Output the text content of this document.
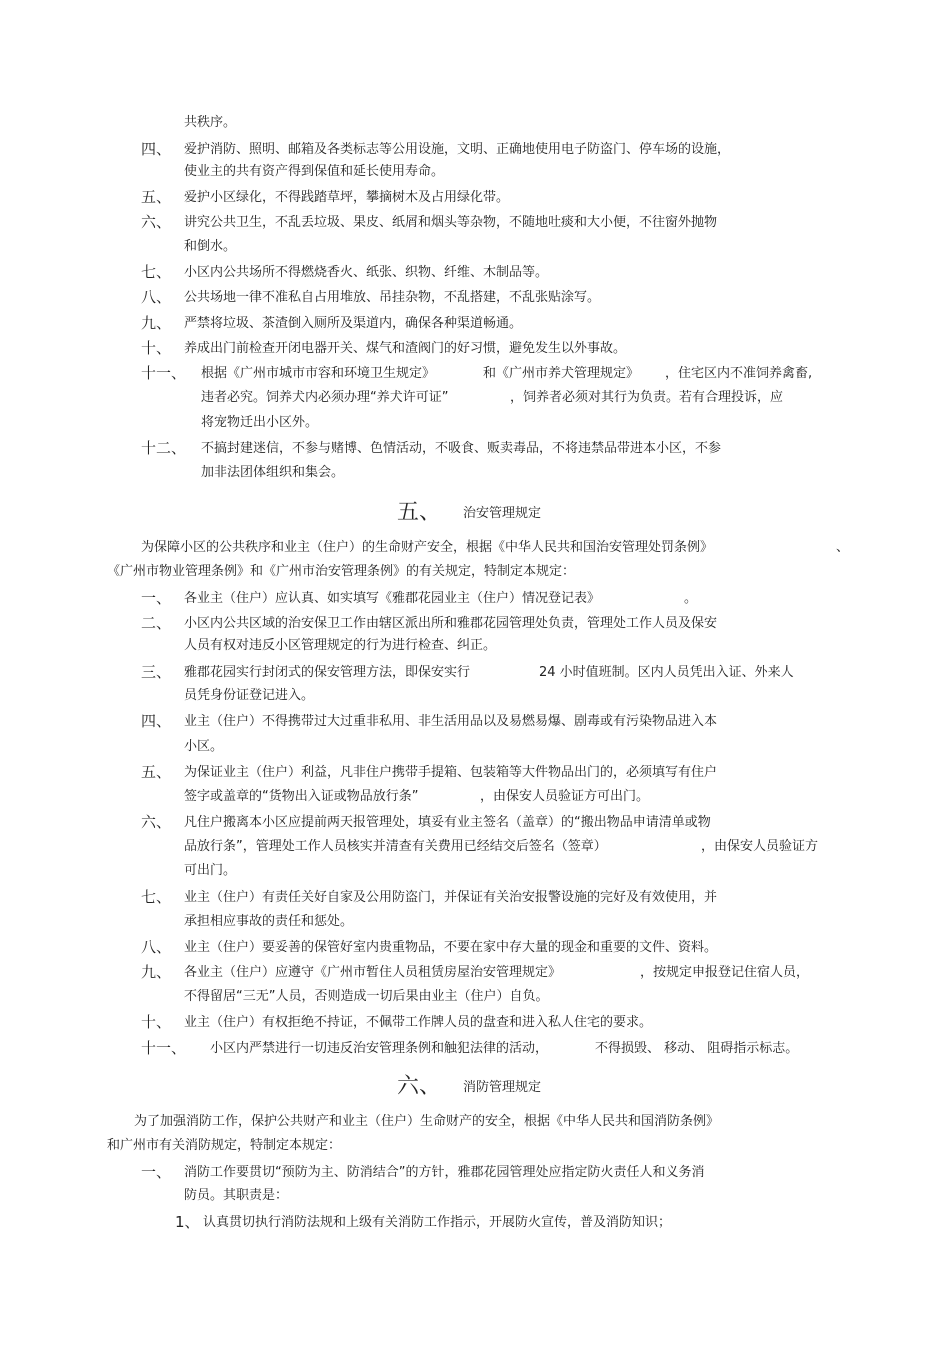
共秩序。
四、 爱护消防、照明、邮箱及各类标志等公用设施，文明、正确地使用电子防盗门、停车场的设施，
使业主的共有资产得到保值和延长使用寿命。
五、 爱护小区绿化，不得践踏草坪，攀摘树木及占用绿化带。
六、 讲究公共卫生，不乱丢垃圾、果皮、纸屑和烟头等杂物，不随地吐痰和大小便，不往窗外抛物
和倒水。
七、 小区内公共场所不得燃烧香火、纸张、织物、纤维、木制品等。
八、 公共场地一律不准私自占用堆放、吊挂杂物，不乱搭建，不乱张贴涂写。
九、 严禁将垃圾、茶渣倒入厕所及渠道内，确保各种渠道畅通。
十、 养成出门前检查开闭电器开关、煤气和渣阀门的好习惯，避免发生以外事故。
十一、 根据《广州市城市市容和环境卫生规定》	和《广州市养犬管理规定》 ，住宅区内不准饲养禽畜,
违者必究。饲养犬内必须办理“养犬许可证”	，饲养者必须对其行为负责。若有合理投诉，应
将宠物迁出小区外。
十二、 不搞封建迷信，不参与赌博、色情活动，不吸食、贩卖毒品，不将违禁品带进本小区，不参
加非法团体组织和集会。
五、 治安管理规定
为保障小区的公共秩序和业主（住户）的生命财产安全，根据《中华人民共和国治安管理处罚条例》	、
《广州市物业管理条例》和《广州市治安管理条例》的有关规定，特制定本规定：
一、 各业主（住户）应认真、如实填写《雅郡花园业主（住户）情况登记表》	。
二、 小区内公共区域的治安保卫工作由辖区派出所和雅郡花园管理处负责，管理处工作人员及保安
人员有权对违反小区管理规定的行为进行检查、纠正。
三、 雅郡花园实行封闭式的保安管理方法，即保安实行	24 小时值班制。区内人员凭出入证、外来人
员凭身份证登记进入。
四、 业主（住户）不得携带过大过重非私用、非生活用品以及易燃易爆、剧毒或有污染物品进入本
小区。
五、 为保证业主（住户）利益，凡非住户携带手提箱、包装箱等大件物品出门的，必须填写有住户
签字或盖章的“货物出入证或物品放行条”	，由保安人员验证方可出门。
六、 凡住户搬离本小区应提前两天报管理处，填妥有业主签名（盖章）的“搬出物品申请清单或物
品放行条”，管理处工作人员核实并清查有关费用已经结交后签名（签章）	，由保安人员验证方
可出门。
七、 业主（住户）有责任关好自家及公用防盗门，并保证有关治安报警设施的完好及有效使用，并
承担相应事故的责任和惩处。
八、 业主（住户）要妥善的保管好室内贵重物品，不要在家中存大量的现金和重要的文件、资料。
九、 各业主（住户）应遵守《广州市暂住人员租赁房屋治安管理规定》	，按规定申报登记住宿人员，
不得留居“三无”人员，否则造成一切后果由业主（住户）自负。
十、 业主（住户）有权拒绝不持证，不佩带工作牌人员的盘查和进入私人住宅的要求。
十一、 小区内严禁进行一切违反治安管理条例和触犯法律的活动，	不得损毁、 移动、 阻碍指示标志。
六、 消防管理规定
为了加强消防工作，保护公共财产和业主（住户）生命财产的安全，根据《中华人民共和国消防条例》
和广州市有关消防规定，特制定本规定：
一、 消防工作要贯切“预防为主、防消结合”的方针，雅郡花园管理处应指定防火责任人和义务消
防员。其职责是：
1、 认真贯切执行消防法规和上级有关消防工作指示，开展防火宣传，普及消防知识；
